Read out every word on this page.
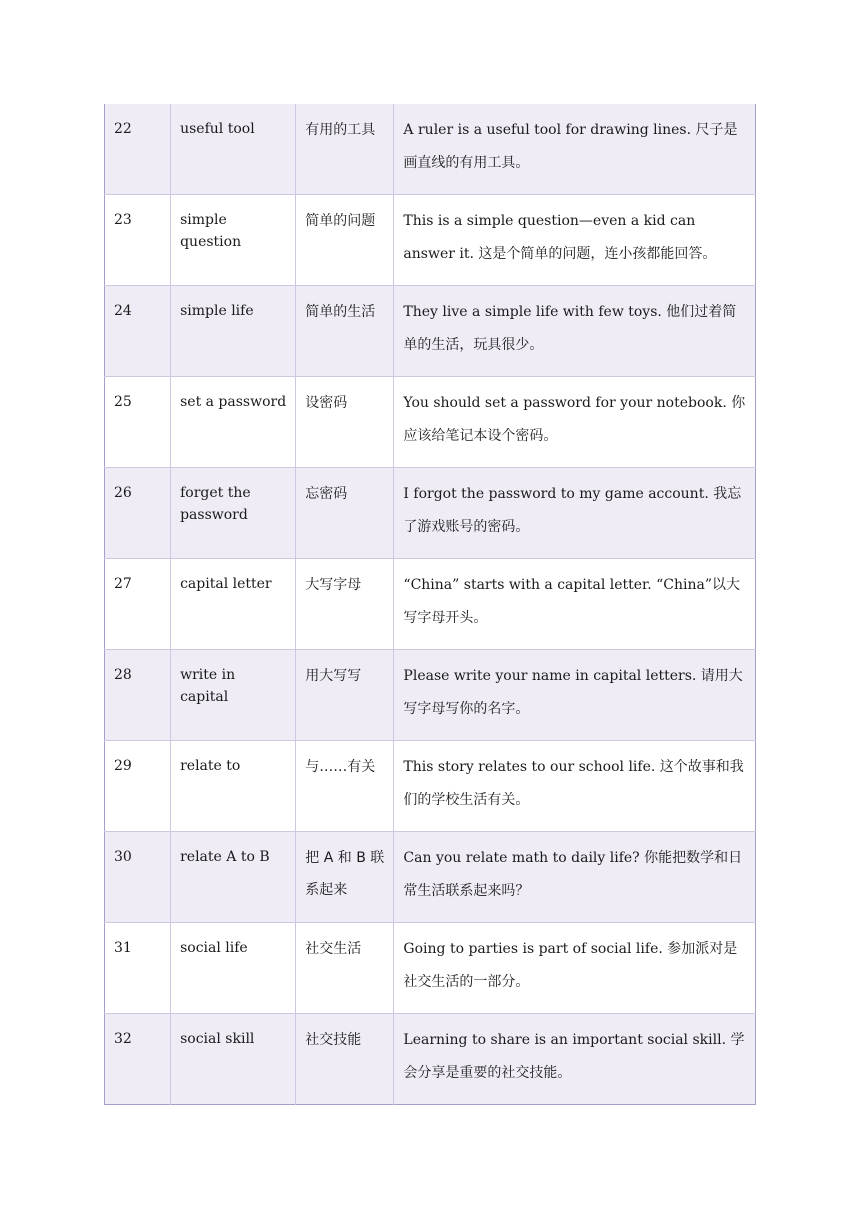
22	useful tool	有用的工具	A ruler is a useful tool for drawing lines. 尺子是画直线的有用工具。

23	simple question	简单的问题	This is a simple question—even a kid can answer it. 这是个简单的问题，连小孩都能回答。

24	simple life	简单的生活	They live a simple life with few toys. 他们过着简单的生活，玩具很少。

25	set a password	设密码	You should set a password for your notebook. 你应该给笔记本设个密码。

26	forget the password	忘密码	I forgot the password to my game account. 我忘了游戏账号的密码。

27	capital letter	大写字母	“China” starts with a capital letter. “China”以大写字母开头。

28	write in capital	用大写写	Please write your name in capital letters. 请用大写字母写你的名字。

29	relate to	与……有关	This story relates to our school life. 这个故事和我们的学校生活有关。

30	relate A to B	把 A 和 B 联系起来	Can you relate math to daily life? 你能把数学和日常生活联系起来吗？

31	social life	社交生活	Going to parties is part of social life. 参加派对是社交生活的一部分。

32	social skill	社交技能	Learning to share is an important social skill. 学会分享是重要的社交技能。
